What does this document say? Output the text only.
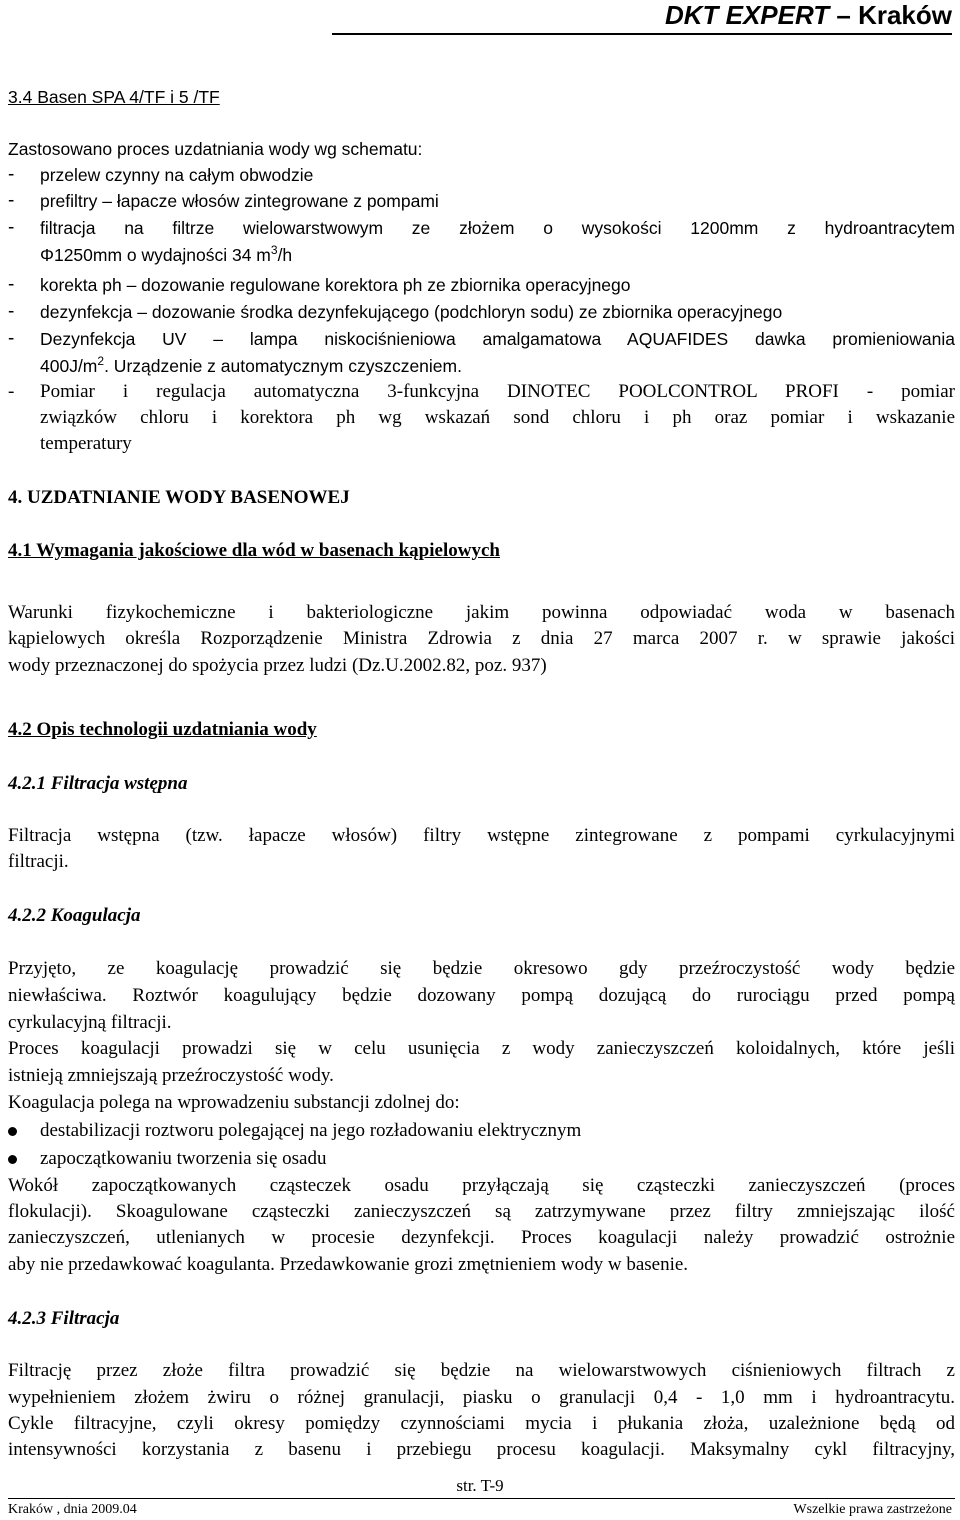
DKT EXPERT – Kraków
3.4 Basen SPA 4/TF i 5 /TF
Zastosowano proces uzdatniania wody wg schematu:
- przelew czynny na całym obwodzie
- prefiltry – łapacze włosów zintegrowane z pompami
- filtracja na filtrze wielowarstwowym ze złożem o wysokości 1200mm z hydroantracytem
Φ1250mm o wydajności 34 $m^3/h$
- korekta ph – dozowanie regulowane korektora ph ze zbiornika operacyjnego
- dezynfekcja – dozowanie środka dezynfekującego (podchloryn sodu) ze zbiornika operacyjnego
- Dezynfekcja UV – lampa niskociśnieniowa amalgamatowa AQUAFIDES dawka promieniowania
$400J/m^2$. Urządzenie z automatycznym czyszczeniem.
- Pomiar i regulacja automatyczna 3-funkcyjna DINOTEC POOLCONTROL PROFI - pomiar
związków chloru i korektora ph wg wskazań sond chloru i ph oraz pomiar i wskazanie
temperatury
4. UZDATNIANIE WODY BASENOWEJ
4.1 Wymagania jakościowe dla wód w basenach kąpielowych
Warunki fizykochemiczne i bakteriologiczne jakim powinna odpowiadać woda w basenach
kąpielowych określa Rozporządzenie Ministra Zdrowia z dnia 27 marca 2007 r. w sprawie jakości
wody przeznaczonej do spożycia przez ludzi (Dz.U.2002.82, poz. 937)
4.2 Opis technologii uzdatniania wody
4.2.1 Filtracja wstępna
Filtracja wstępna (tzw. łapacze włosów) filtry wstępne zintegrowane z pompami cyrkulacyjnymi
filtracji.
4.2.2 Koagulacja
Przyjęto, ze koagulację prowadzić się będzie okresowo gdy przeźroczystość wody będzie
niewłaściwa. Roztwór koagulujący będzie dozowany pompą dozującą do rurociągu przed pompą
cyrkulacyjną filtracji.
Proces koagulacji prowadzi się w celu usunięcia z wody zanieczyszczeń koloidalnych, które jeśli
istnieją zmniejszają przeźroczystość wody.
Koagulacja polega na wprowadzeniu substancji zdolnej do:
destabilizacji roztworu polegającej na jego rozładowaniu elektrycznym
zapoczątkowaniu tworzenia się osadu
Wokół zapoczątkowanych cząsteczek osadu przyłączają się cząsteczki zanieczyszczeń (proces
flokulacji). Skoagulowane cząsteczki zanieczyszczeń są zatrzymywane przez filtry zmniejszając ilość
zanieczyszczeń, utlenianych w procesie dezynfekcji. Proces koagulacji należy prowadzić ostrożnie
aby nie przedawkować koagulanta. Przedawkowanie grozi zmętnieniem wody w basenie.
4.2.3 Filtracja
Filtrację przez złoże filtra prowadzić się będzie na wielowarstwowych ciśnieniowych filtrach z
wypełnieniem złożem żwiru o różnej granulacji, piasku o granulacji 0,4 - 1,0 mm i hydroantracytu.
Cykle filtracyjne, czyli okresy pomiędzy czynnościami mycia i płukania złoża, uzależnione będą od
intensywności korzystania z basenu i przebiegu procesu koagulacji. Maksymalny cykl filtracyjny,
str. T-9
Kraków , dnia 2009.04	Wszelkie prawa zastrzeżone
